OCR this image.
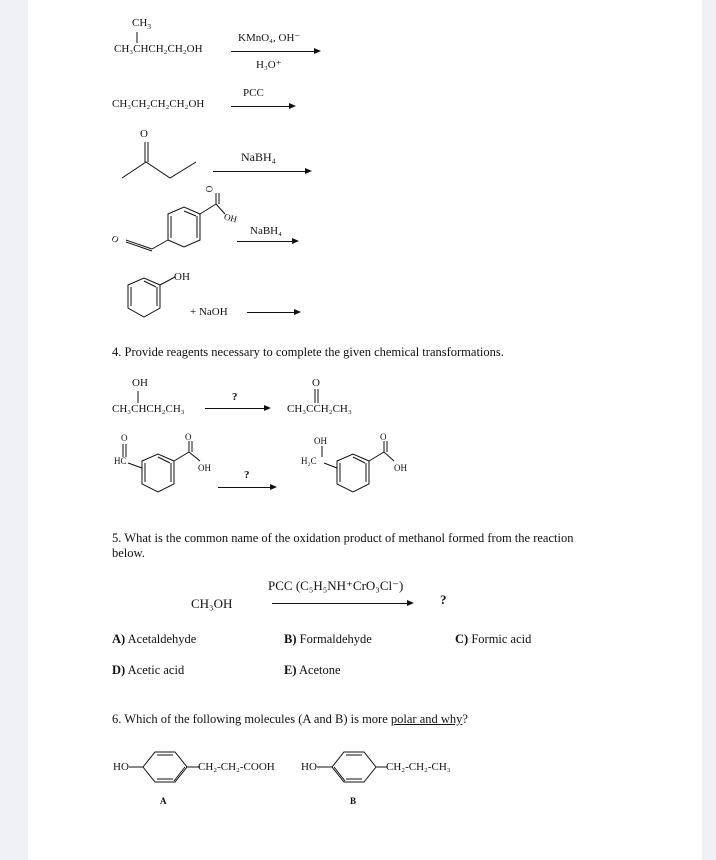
$CH_3$
CH₃CHCH₂CH₂OH
KMnO₄, OH⁻
H₃O⁺
PCC
CH₃CH₂CH₂CH₂OH
O
NaBH₄
O
OH
O
NaBH₄
OH
+ NaOH
4. Provide reagents necessary to complete the given chemical transformations.
OH
CH₃CHCH₂CH₃
?
O
CH₃CCH₂CH₃
O
HC
O
OH
?
OH
H₂C
O
OH
5. What is the common name of the oxidation product of methanol formed from the reaction
below.
PCC (C₅H₅NH⁺CrO₃Cl⁻)
CH₃OH	?
A) Acetaldehyde	B) Formaldehyde	C) Formic acid
D) Acetic acid	E) Acetone
6. Which of the following molecules (A and B) is more polar and why?
HO	CH₂-CH₂-COOH
A
HO	CH₂-CH₂-CH₃
B
